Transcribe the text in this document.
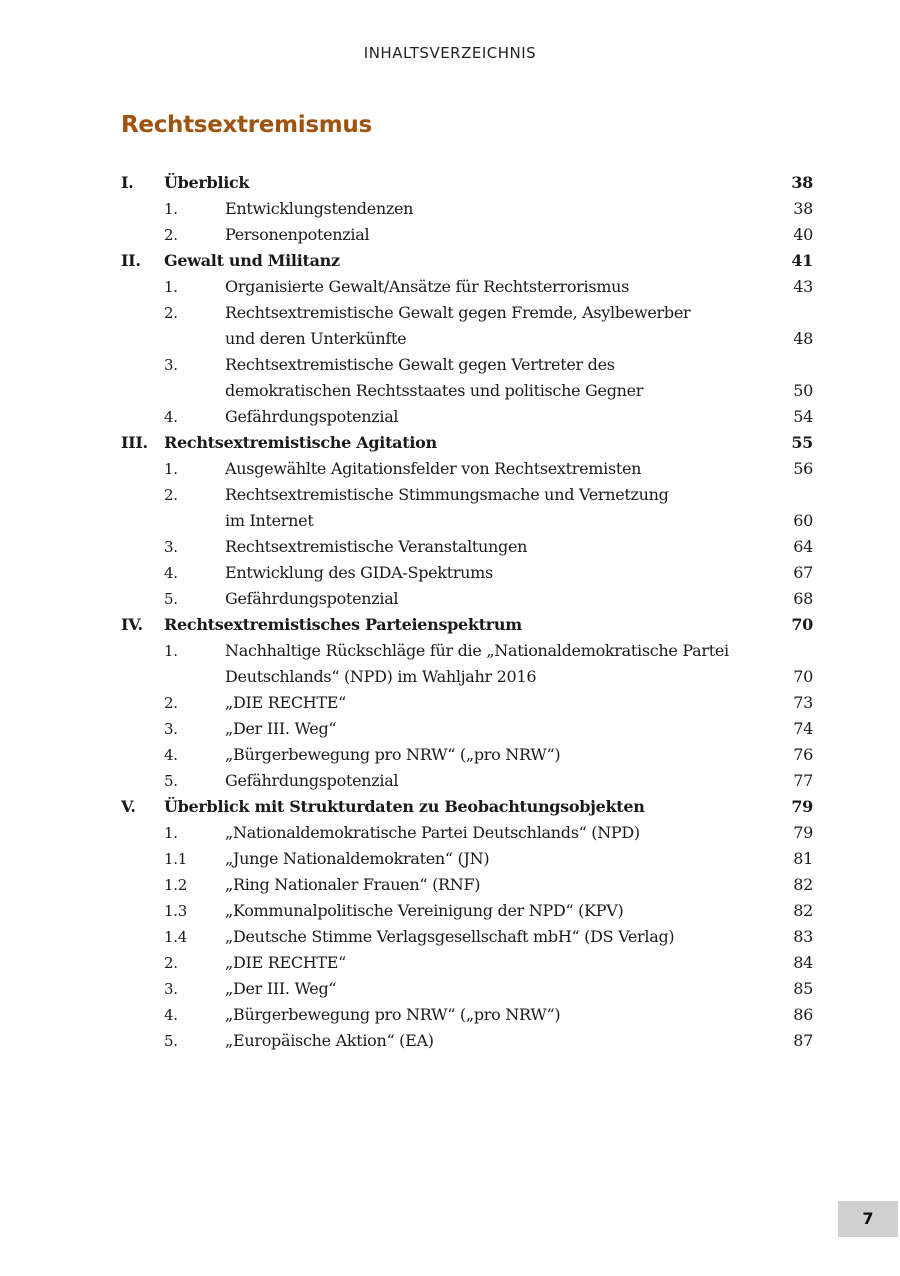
INHALTSVERZEICHNIS
Rechtsextremismus
I. Überblick	38
1.	Entwicklungstendenzen	38
2.	Personenpotenzial	40
II. Gewalt und Militanz	41
1.	Organisierte Gewalt/Ansätze für Rechtsterrorismus	43
2.	Rechtsextremistische Gewalt gegen Fremde, Asylbewerber
und deren Unterkünfte	48
3.	Rechtsextremistische Gewalt gegen Vertreter des
demokratischen Rechtsstaates und politische Gegner	50
4.	Gefährdungspotenzial	54
III. Rechtsextremistische Agitation	55
1.	Ausgewählte Agitationsfelder von Rechtsextremisten	56
2.	Rechtsextremistische Stimmungsmache und Vernetzung
im Internet	60
3.	Rechtsextremistische Veranstaltungen	64
4.	Entwicklung des GIDA-Spektrums	67
5.	Gefährdungspotenzial	68
IV. Rechtsextremistisches Parteienspektrum	70
1.	Nachhaltige Rückschläge für die „Nationaldemokratische Partei
Deutschlands“ (NPD) im Wahljahr 2016	70
2.	„DIE RECHTE“	73
3.	„Der III. Weg“	74
4.	„Bürgerbewegung pro NRW“ („pro NRW“)	76
5.	Gefährdungspotenzial	77
V. Überblick mit Strukturdaten zu Beobachtungsobjekten	79
1.	„Nationaldemokratische Partei Deutschlands“ (NPD)	79
1.1 „Junge Nationaldemokraten“ (JN)	81
1.2 „Ring Nationaler Frauen“ (RNF)	82
1.3 „Kommunalpolitische Vereinigung der NPD“ (KPV)	82
1.4 „Deutsche Stimme Verlagsgesellschaft mbH“ (DS Verlag)	83
2.	„DIE RECHTE“	84
3.	„Der III. Weg“	85
4.	„Bürgerbewegung pro NRW“ („pro NRW“)	86
5.	„Europäische Aktion“ (EA)	87
7
